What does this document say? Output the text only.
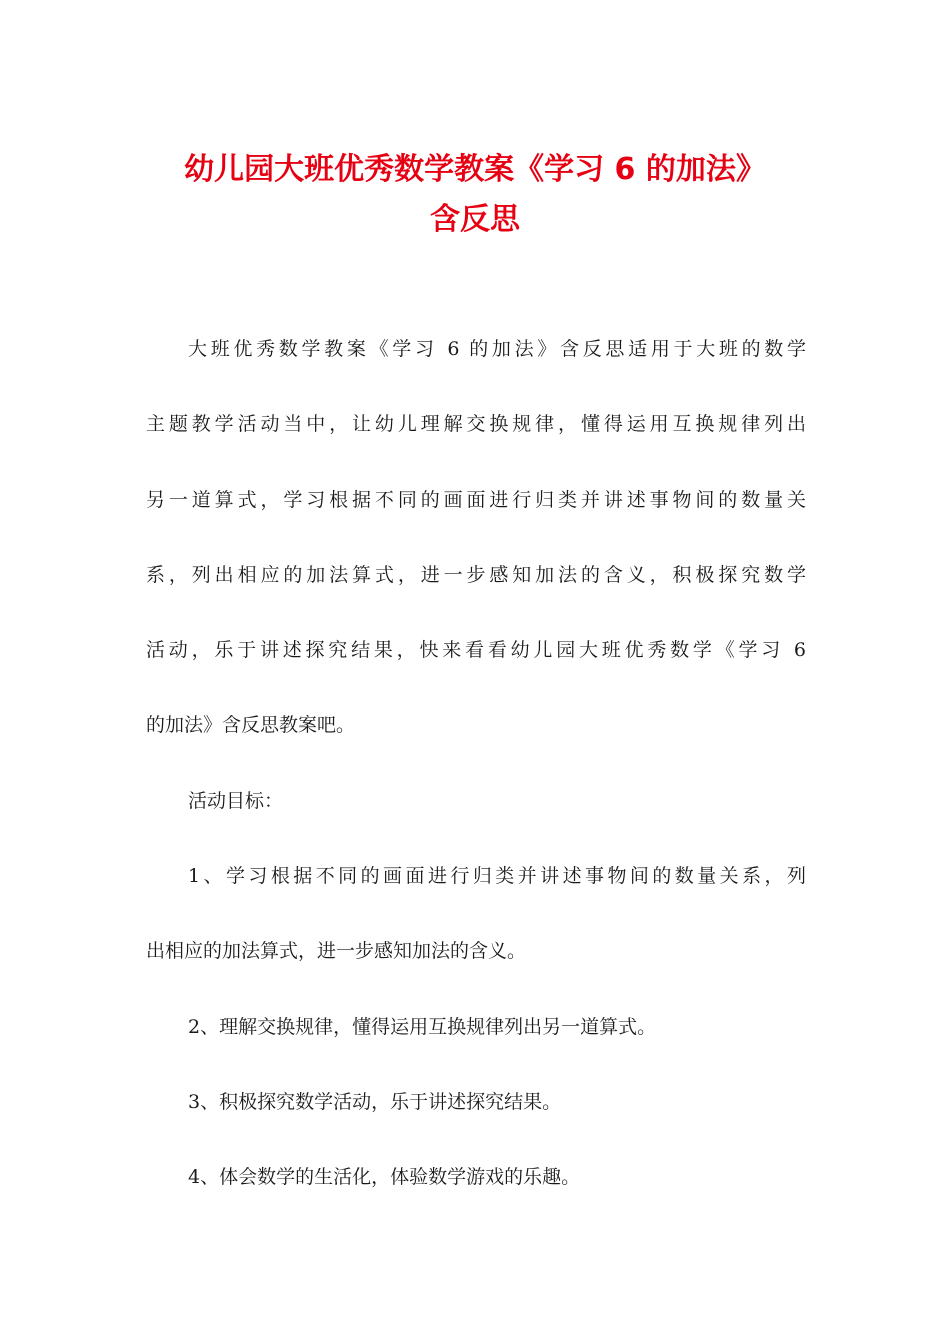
幼儿园大班优秀数学教案《学习 6 的加法》
含反思
大班优秀数学教案《学习 6 的加法》含反思适用于大班的数学
主题教学活动当中，让幼儿理解交换规律，懂得运用互换规律列出
另一道算式，学习根据不同的画面进行归类并讲述事物间的数量关
系，列出相应的加法算式，进一步感知加法的含义，积极探究数学
活动，乐于讲述探究结果，快来看看幼儿园大班优秀数学《学习 6
的加法》含反思教案吧。
活动目标：
1、学习根据不同的画面进行归类并讲述事物间的数量关系，列
出相应的加法算式，进一步感知加法的含义。
2、理解交换规律，懂得运用互换规律列出另一道算式。
3、积极探究数学活动，乐于讲述探究结果。
4、体会数学的生活化，体验数学游戏的乐趣。
